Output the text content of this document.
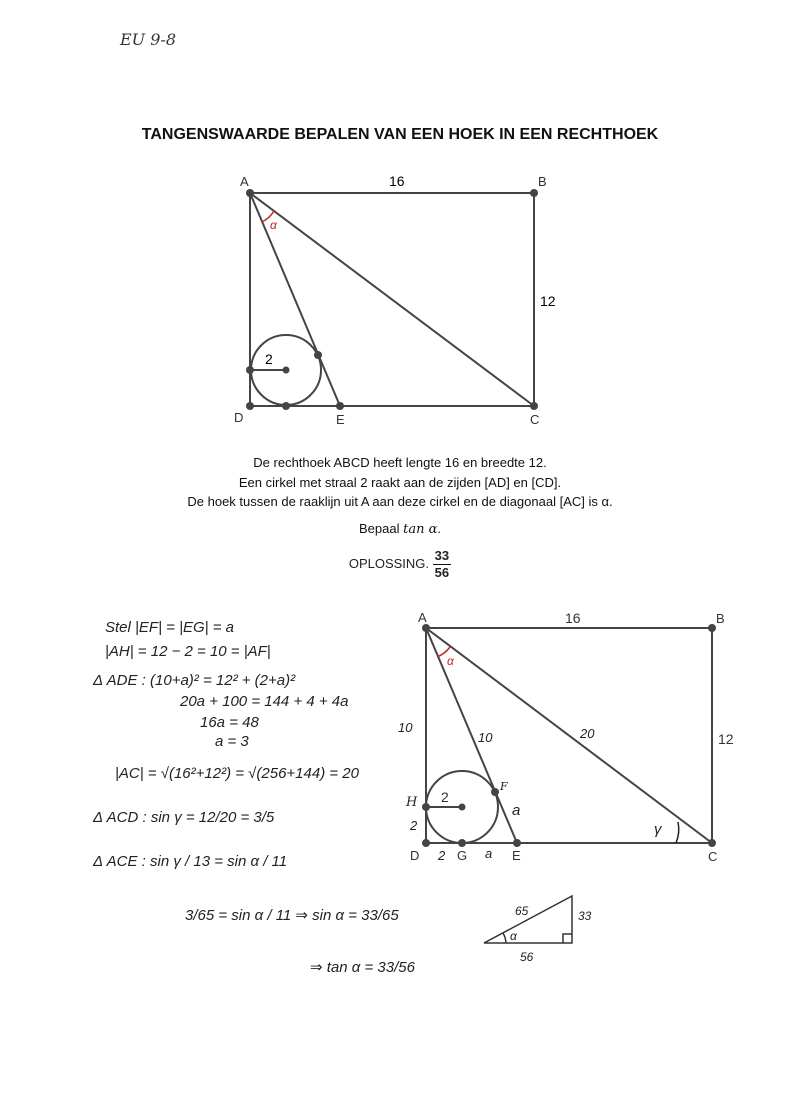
EU 9-8
TANGENSWAARDE BEPALEN VAN EEN HOEK IN EEN RECHTHOEK
A	B
C
D	E
16
12
2
α
De rechthoek ABCD heeft lengte 16 en breedte 12.
Een cirkel met straal 2 raakt aan de zijden [AD] en [CD].
De hoek tussen de raaklijn uit A aan deze cirkel en de diagonaal [AC] is α.
Bepaal tan α.
OPLOSSING. $\frac{33}{56}$
Stel |EF| = |EG| = a
|AH| = 12 − 2 = 10 = |AF|
Δ ADE : (10+a)² = 12² + (2+a)²
20a + 100 = 144 + 4 + 4a
16a = 48
a = 3
|AC| = √(16²+12²) = √(256+144) = 20
Δ ACD : sin γ = 12/20 = 3/5
Δ ACE : sin γ / 13 = sin α / 11
3/65 = sin α / 11 ⇒ sin α = 33/65
⇒ tan α = 33/56
A	B
C
D	E
G
H
F
16
12
2
α
10
10	20
2
2	a
a
γ
65	33
56
α
